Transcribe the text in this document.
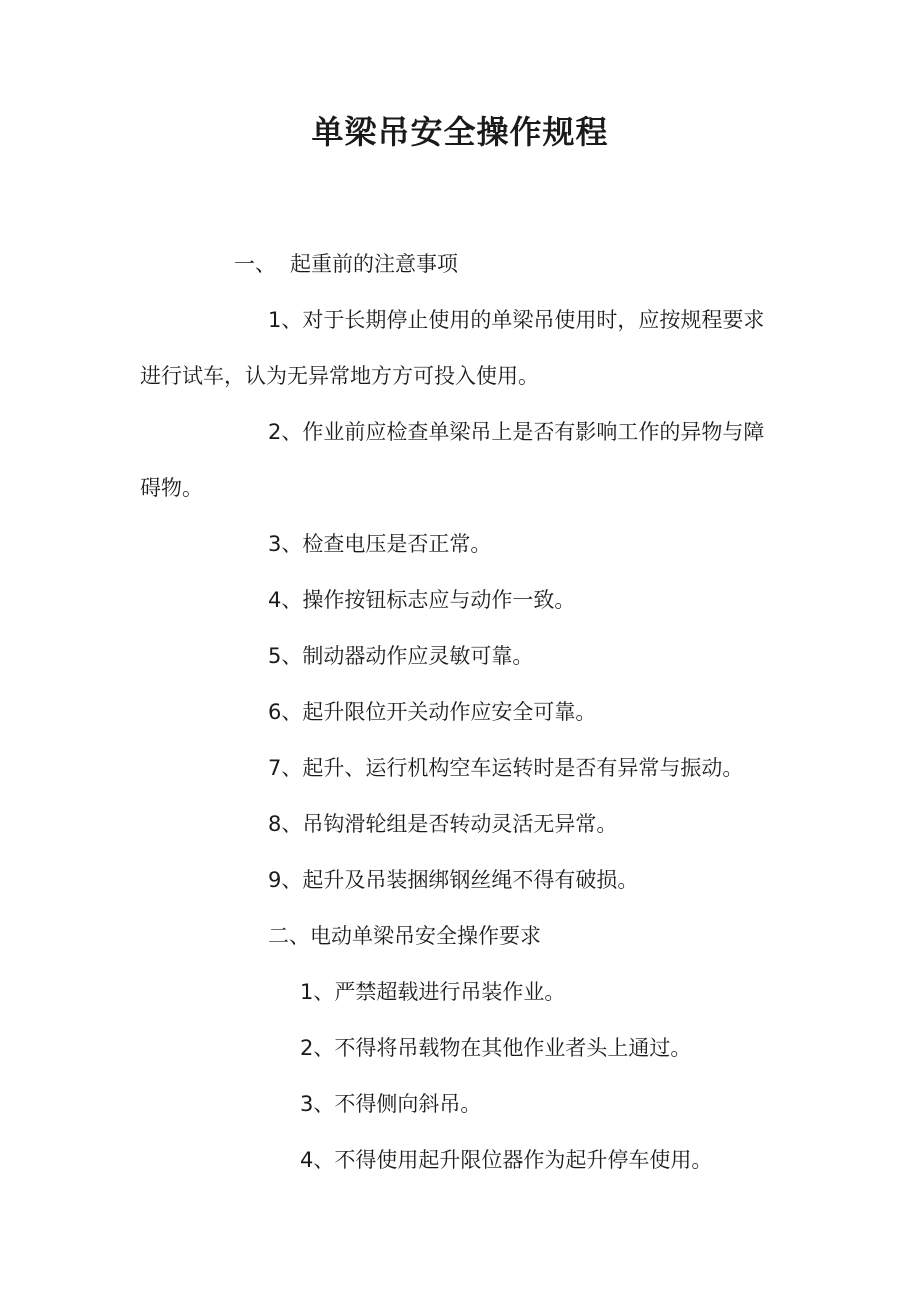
单梁吊安全操作规程
一、 起重前的注意事项
1、对于长期停止使用的单梁吊使用时，应按规程要求
进行试车，认为无异常地方方可投入使用。
2、作业前应检查单梁吊上是否有影响工作的异物与障
碍物。
3、检查电压是否正常。
4、操作按钮标志应与动作一致。
5、制动器动作应灵敏可靠。
6、起升限位开关动作应安全可靠。
7、起升、运行机构空车运转时是否有异常与振动。
8、吊钩滑轮组是否转动灵活无异常。
9、起升及吊装捆绑钢丝绳不得有破损。
二、电动单梁吊安全操作要求
1、严禁超载进行吊装作业。
2、不得将吊载物在其他作业者头上通过。
3、不得侧向斜吊。
4、不得使用起升限位器作为起升停车使用。
